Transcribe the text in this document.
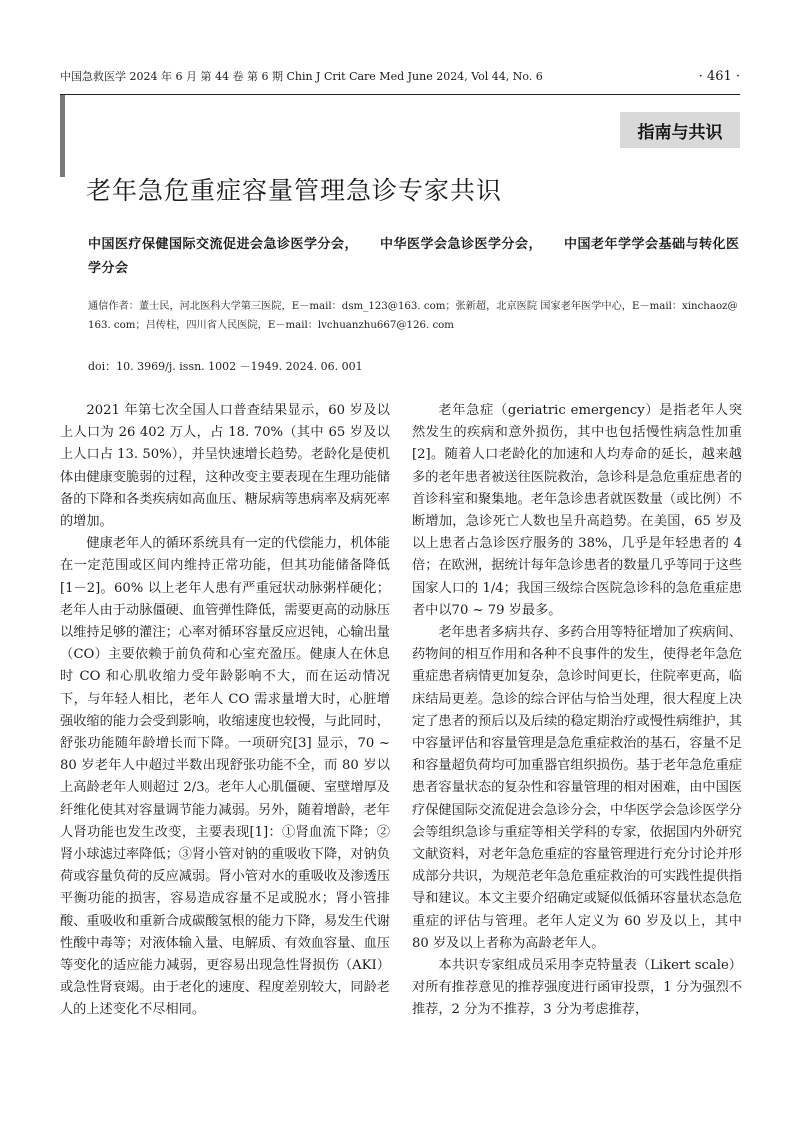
中国急救医学 2024 年 6 月 第 44 卷 第 6 期 Chin J Crit Care Med June 2024, Vol 44, No. 6	· 461 ·
指南与共识
老年急危重症容量管理急诊专家共识
中国医疗保健国际交流促进会急诊医学分会， 中华医学会急诊医学分会， 中国老年学学会基础与转化医学分会
通信作者：董士民，河北医科大学第三医院，E－mail：dsm_123@163. com；张新超，北京医院 国家老年医学中心，E－mail：xinchaoz@ 163. com；吕传柱，四川省人民医院，E－mail：lvchuanzhu667@126. com
doi：10. 3969/j. issn. 1002 －1949. 2024. 06. 001

2021 年第七次全国人口普查结果显示，60 岁及以上人口为 26 402 万人，占 18. 70%（其中 65 岁及以上人口占 13. 50%），并呈快速增长趋势。老龄化是使机体由健康变脆弱的过程，这种改变主要表现在生理功能储备的下降和各类疾病如高血压、糖尿病等患病率及病死率的增加。

健康老年人的循环系统具有一定的代偿能力，机体能在一定范围或区间内维持正常功能，但其功能储备降低[1－2]。60% 以上老年人患有严重冠状动脉粥样硬化；老年人由于动脉僵硬、血管弹性降低，需要更高的动脉压以维持足够的灌注；心率对循环容量反应迟钝，心输出量（CO）主要依赖于前负荷和心室充盈压。健康人在休息时 CO 和心肌收缩力受年龄影响不大，而在运动情况下，与年轻人相比，老年人 CO 需求量增大时，心脏增强收缩的能力会受到影响，收缩速度也较慢，与此同时，舒张功能随年龄增长而下降。一项研究[3] 显示，70 ~ 80 岁老年人中超过半数出现舒张功能不全，而 80 岁以上高龄老年人则超过 2/3。老年人心肌僵硬、室壁增厚及纤维化使其对容量调节能力减弱。另外，随着增龄，老年人肾功能也发生改变，主要表现[1]：①肾血流下降；②肾小球滤过率降低；③肾小管对钠的重吸收下降，对钠负荷或容量负荷的反应减弱。肾小管对水的重吸收及渗透压平衡功能的损害，容易造成容量不足或脱水；肾小管排酸、重吸收和重新合成碳酸氢根的能力下降，易发生代谢性酸中毒等；对液体输入量、电解质、有效血容量、血压等变化的适应能力减弱，更容易出现急性肾损伤（AKI）或急性肾衰竭。由于老化的速度、程度差别较大，同龄老人的上述变化不尽相同。

老年急症（geriatric emergency）是指老年人突然发生的疾病和意外损伤，其中也包括慢性病急性加重[2]。随着人口老龄化的加速和人均寿命的延长，越来越多的老年患者被送往医院救治，急诊科是急危重症患者的首诊科室和聚集地。老年急诊患者就医数量（或比例）不断增加，急诊死亡人数也呈升高趋势。在美国，65 岁及以上患者占急诊医疗服务的 38%，几乎是年轻患者的 4 倍；在欧洲，据统计每年急诊患者的数量几乎等同于这些国家人口的 1/4；我国三级综合医院急诊科的急危重症患者中以70 ~ 79 岁最多。

老年患者多病共存、多药合用等特征增加了疾病间、药物间的相互作用和各种不良事件的发生，使得老年急危重症患者病情更加复杂，急诊时间更长，住院率更高，临床结局更差。急诊的综合评估与恰当处理，很大程度上决定了患者的预后以及后续的稳定期治疗或慢性病维护，其中容量评估和容量管理是急危重症救治的基石，容量不足和容量超负荷均可加重器官组织损伤。基于老年急危重症患者容量状态的复杂性和容量管理的相对困难，由中国医疗保健国际交流促进会急诊分会，中华医学会急诊医学分会等组织急诊与重症等相关学科的专家，依据国内外研究文献资料，对老年急危重症的容量管理进行充分讨论并形成部分共识，为规范老年急危重症救治的可实践性提供指导和建议。本文主要介绍确定或疑似低循环容量状态急危重症的评估与管理。老年人定义为 60 岁及以上，其中 80 岁及以上者称为高龄老年人。

本共识专家组成员采用李克特量表（Likert scale）对所有推荐意见的推荐强度进行函审投票，1 分为强烈不推荐，2 分为不推荐，3 分为考虑推荐，
